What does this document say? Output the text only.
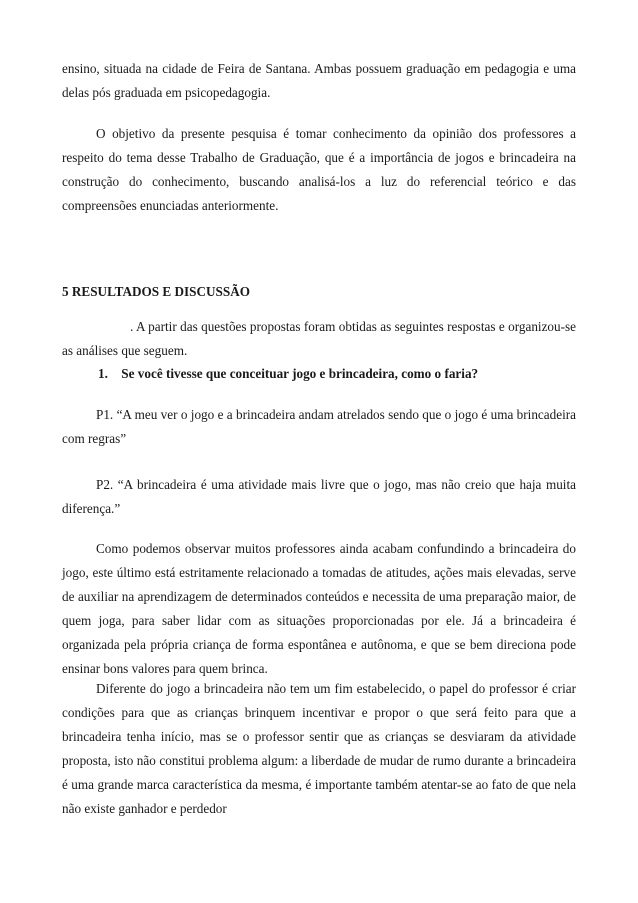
ensino, situada na cidade de Feira de Santana. Ambas possuem graduação em pedagogia e uma delas pós graduada em psicopedagogia.

O objetivo da presente pesquisa é tomar conhecimento da opinião dos professores a respeito do tema desse Trabalho de Graduação, que é a importância de jogos e brincadeira na construção do conhecimento, buscando analisá-los a luz do referencial teórico e das compreensões enunciadas anteriormente.

5 RESULTADOS E DISCUSSÃO

. A partir das questões propostas foram obtidas as seguintes respostas e organizou-se as análises que seguem.

1. Se você tivesse que conceituar jogo e brincadeira, como o faria?

P1. “A meu ver o jogo e a brincadeira andam atrelados sendo que o jogo é uma brincadeira com regras”

P2. “A brincadeira é uma atividade mais livre que o jogo, mas não creio que haja muita diferença.”

Como podemos observar muitos professores ainda acabam confundindo a brincadeira do jogo, este último está estritamente relacionado a tomadas de atitudes, ações mais elevadas, serve de auxiliar na aprendizagem de determinados conteúdos e necessita de uma preparação maior, de quem joga, para saber lidar com as situações proporcionadas por ele. Já a brincadeira é organizada pela própria criança de forma espontânea e autônoma, e que se bem direciona pode ensinar bons valores para quem brinca.

Diferente do jogo a brincadeira não tem um fim estabelecido, o papel do professor é criar condições para que as crianças brinquem incentivar e propor o que será feito para que a brincadeira tenha início, mas se o professor sentir que as crianças se desviaram da atividade proposta, isto não constitui problema algum: a liberdade de mudar de rumo durante a brincadeira é uma grande marca característica da mesma, é importante também atentar-se ao fato de que nela não existe ganhador e perdedor
